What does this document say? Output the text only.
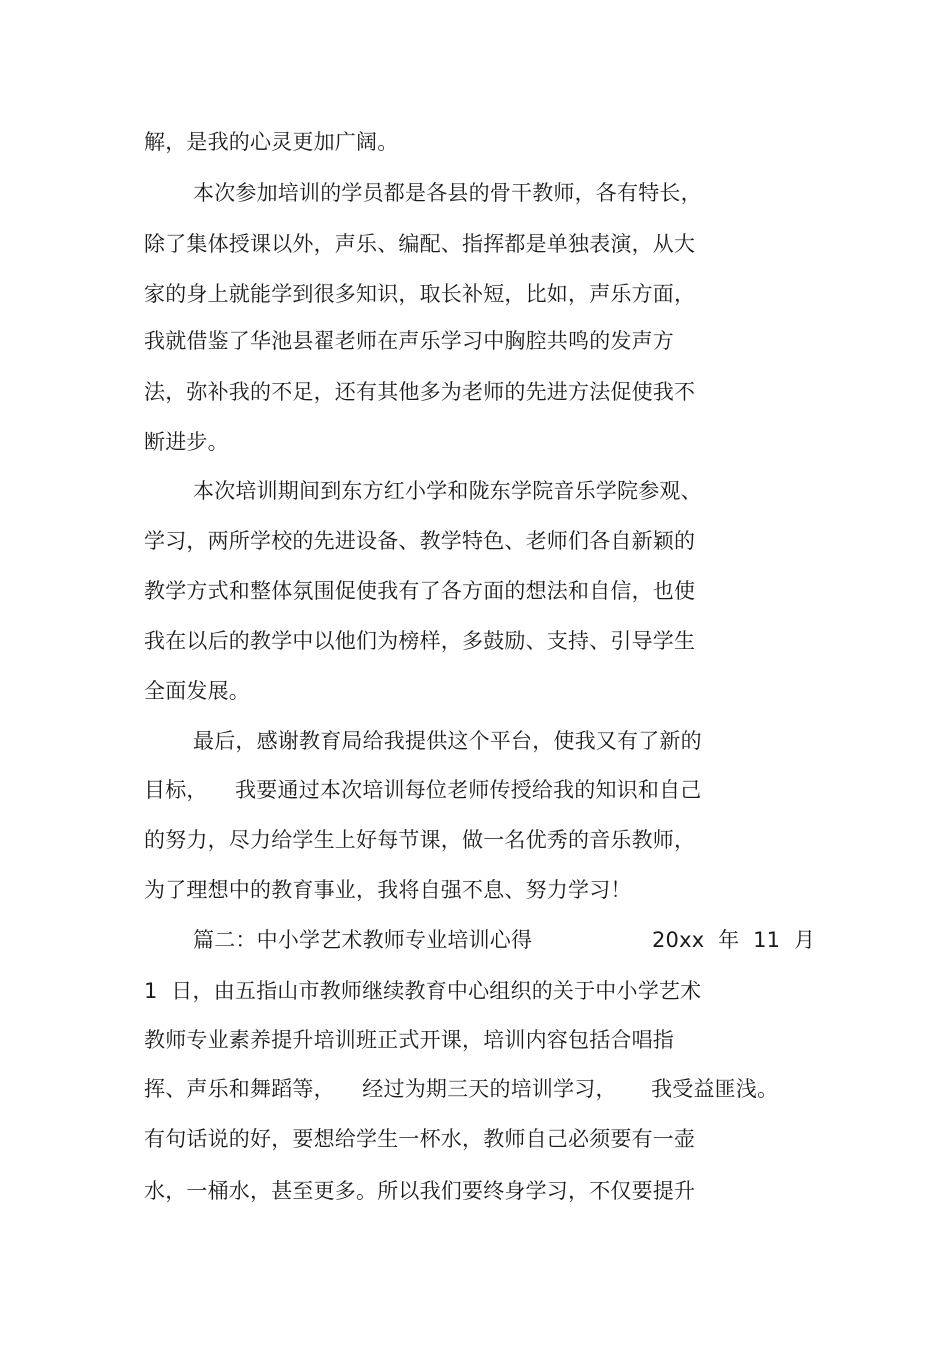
解，是我的心灵更加广阔。
本次参加培训的学员都是各县的骨干教师，各有特长，
除了集体授课以外，声乐、编配、指挥都是单独表演，从大
家的身上就能学到很多知识，取长补短，比如，声乐方面，
我就借鉴了华池县翟老师在声乐学习中胸腔共鸣的发声方
法，弥补我的不足，还有其他多为老师的先进方法促使我不
断进步。
本次培训期间到东方红小学和陇东学院音乐学院参观、
学习，两所学校的先进设备、教学特色、老师们各自新颖的
教学方式和整体氛围促使我有了各方面的想法和自信，也使
我在以后的教学中以他们为榜样，多鼓励、支持、引导学生
全面发展。
最后，感谢教育局给我提供这个平台，使我又有了新的
目标，    我要通过本次培训每位老师传授给我的知识和自己
的努力，尽力给学生上好每节课，做一名优秀的音乐教师，
为了理想中的教育事业，我将自强不息、努力学习！
篇二：中小学艺术教师专业培训心得	20xx  年  11  月
1  日，由五指山市教师继续教育中心组织的关于中小学艺术
教师专业素养提升培训班正式开课，培训内容包括合唱指
挥、声乐和舞蹈等，    经过为期三天的培训学习，     我受益匪浅。
有句话说的好，要想给学生一杯水，教师自己必须要有一壶
水，一桶水，甚至更多。所以我们要终身学习，不仅要提升
